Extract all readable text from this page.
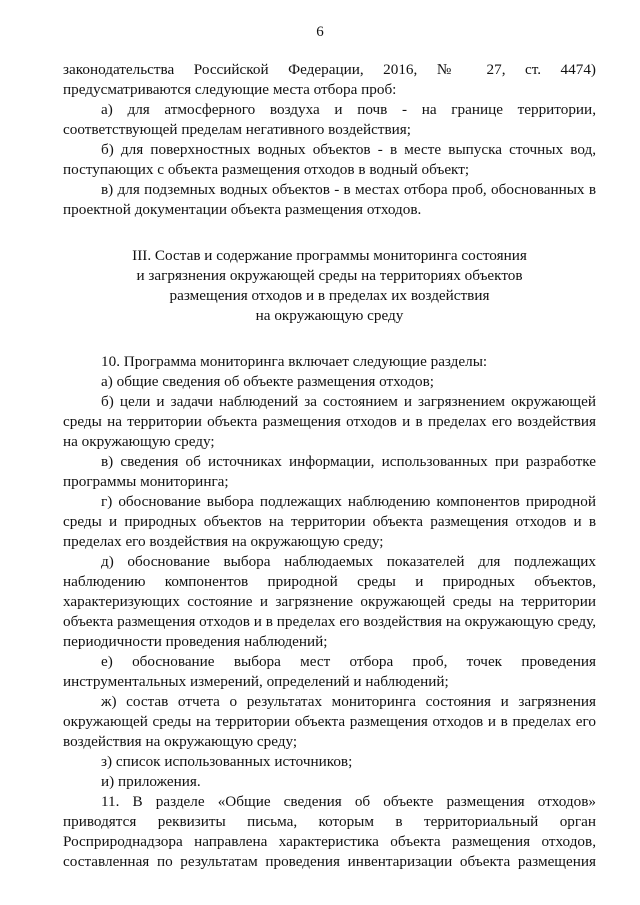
6

законодательства Российской Федерации, 2016, № 27, ст. 4474) предусматриваются следующие места отбора проб:

а) для атмосферного воздуха и почв - на границе территории, соответствующей пределам негативного воздействия;

б) для поверхностных водных объектов - в месте выпуска сточных вод, поступающих с объекта размещения отходов в водный объект;

в) для подземных водных объектов - в местах отбора проб, обоснованных в проектной документации объекта размещения отходов.

III. Состав и содержание программы мониторинга состояния
и загрязнения окружающей среды на территориях объектов
размещения отходов и в пределах их воздействия
на окружающую среду

10. Программа мониторинга включает следующие разделы:

а) общие сведения об объекте размещения отходов;

б) цели и задачи наблюдений за состоянием и загрязнением окружающей среды на территории объекта размещения отходов и в пределах его воздействия на окружающую среду;

в) сведения об источниках информации, использованных при разработке программы мониторинга;

г) обоснование выбора подлежащих наблюдению компонентов природной среды и природных объектов на территории объекта размещения отходов и в пределах его воздействия на окружающую среду;

д) обоснование выбора наблюдаемых показателей для подлежащих наблюдению компонентов природной среды и природных объектов, характеризующих состояние и загрязнение окружающей среды на территории объекта размещения отходов и в пределах его воздействия на окружающую среду, периодичности проведения наблюдений;

е) обоснование выбора мест отбора проб, точек проведения инструментальных измерений, определений и наблюдений;

ж) состав отчета о результатах мониторинга состояния и загрязнения окружающей среды на территории объекта размещения отходов и в пределах его воздействия на окружающую среду;

з) список использованных источников;

и) приложения.

11. В разделе «Общие сведения об объекте размещения отходов» приводятся реквизиты письма, которым в территориальный орган Росприроднадзора направлена характеристика объекта размещения отходов, составленная по результатам проведения инвентаризации объекта размещения
